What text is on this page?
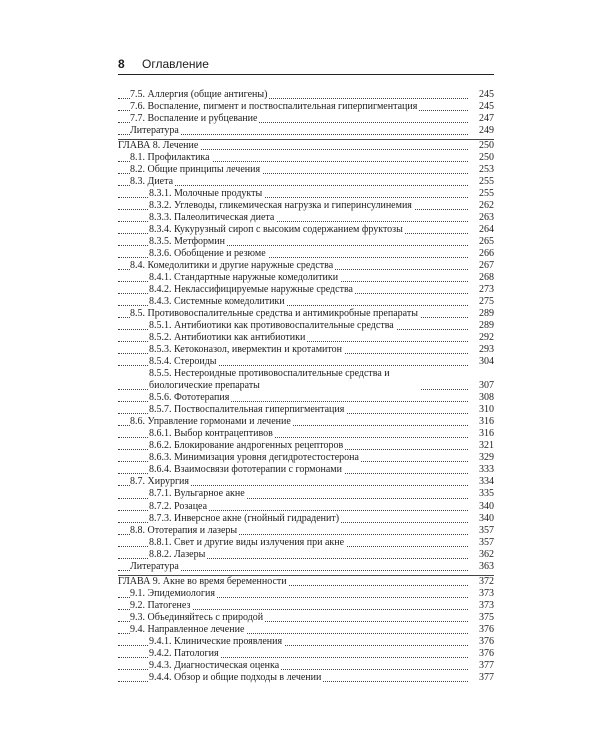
8 Оглавление
7.5. Аллергия (общие антигены)	245
7.6. Воспаление, пигмент и поствоспалительная гиперпигментация	245
7.7. Воспаление и рубцевание	247
Литература	249
ГЛАВА 8. Лечение	250
8.1. Профилактика	250
8.2. Общие принципы лечения	253
8.3. Диета	255
8.3.1. Молочные продукты	255
8.3.2. Углеводы, гликемическая нагрузка и гиперинсулинемия	262
8.3.3. Палеолитическая диета	263
8.3.4. Кукурузный сироп с высоким содержанием фруктозы	264
8.3.5. Метформин	265
8.3.6. Обобщение и резюме	266
8.4. Комедолитики и другие наружные средства	267
8.4.1. Стандартные наружные комедолитики	268
8.4.2. Неклассифицируемые наружные средства	273
8.4.3. Системные комедолитики	275
8.5. Противовоспалительные средства и антимикробные препараты	289
8.5.1. Антибиотики как противовоспалительные средства	289
8.5.2. Антибиотики как антибиотики	292
8.5.3. Кетоконазол, ивермектин и кротамитон	293
8.5.4. Стероиды	304
8.5.5. Нестероидные противовоспалительные средства и биологические препараты	307
8.5.6. Фототерапия	308
8.5.7. Поствоспалительная гиперпигментация	310
8.6. Управление гормонами и лечение	316
8.6.1. Выбор контрацептивов	316
8.6.2. Блокирование андрогенных рецепторов	321
8.6.3. Минимизация уровня дегидротестостерона	329
8.6.4. Взаимосвязи фототерапии с гормонами	333
8.7. Хирургия	334
8.7.1. Вульгарное акне	335
8.7.2. Розацеа	340
8.7.3. Инверсное акне (гнойный гидраденит)	340
8.8. Ототерапия и лазеры	357
8.8.1. Свет и другие виды излучения при акне	357
8.8.2. Лазеры	362
Литература	363
ГЛАВА 9. Акне во время беременности	372
9.1. Эпидемиология	373
9.2. Патогенез	373
9.3. Объединяйтесь с природой	375
9.4. Направленное лечение	376
9.4.1. Клинические проявления	376
9.4.2. Патология	376
9.4.3. Диагностическая оценка	377
9.4.4. Обзор и общие подходы в лечении	377
